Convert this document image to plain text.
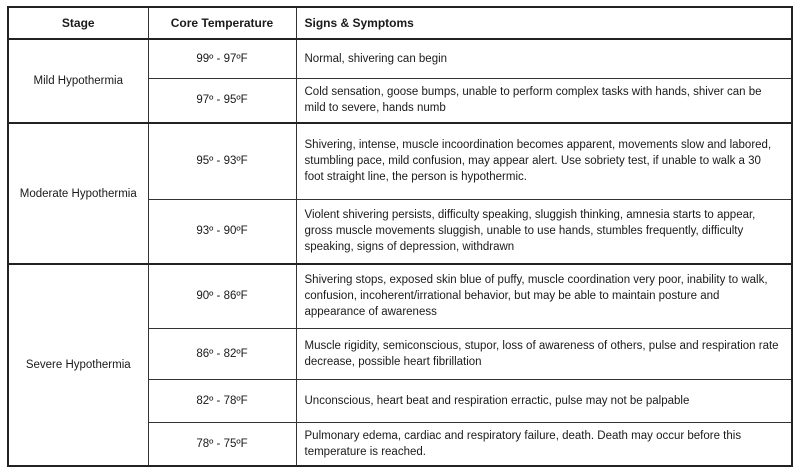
Stage	Core Temperature	Signs & Symptoms
Mild Hypothermia	99º - 97ºF	Normal, shivering can begin
	97º - 95ºF	Cold sensation, goose bumps, unable to perform complex tasks with hands, shiver can be mild to severe, hands numb
Moderate Hypothermia	95º - 93ºF	Shivering, intense, muscle incoordination becomes apparent, movements slow and labored, stumbling pace, mild confusion, may appear alert. Use sobriety test, if unable to walk a 30 foot straight line, the person is hypothermic.
	93º - 90ºF	Violent shivering persists, difficulty speaking, sluggish thinking, amnesia starts to appear, gross muscle movements sluggish, unable to use hands, stumbles frequently, difficulty speaking, signs of depression, withdrawn
Severe Hypothermia	90º - 86ºF	Shivering stops, exposed skin blue of puffy, muscle coordination very poor, inability to walk, confusion, incoherent/irrational behavior, but may be able to maintain posture and appearance of awareness
	86º - 82ºF	Muscle rigidity, semiconscious, stupor, loss of awareness of others, pulse and respiration rate decrease, possible heart fibrillation
	82º - 78ºF	Unconscious, heart beat and respiration erractic, pulse may not be palpable
	78º - 75ºF	Pulmonary edema, cardiac and respiratory failure, death. Death may occur before this temperature is reached.
